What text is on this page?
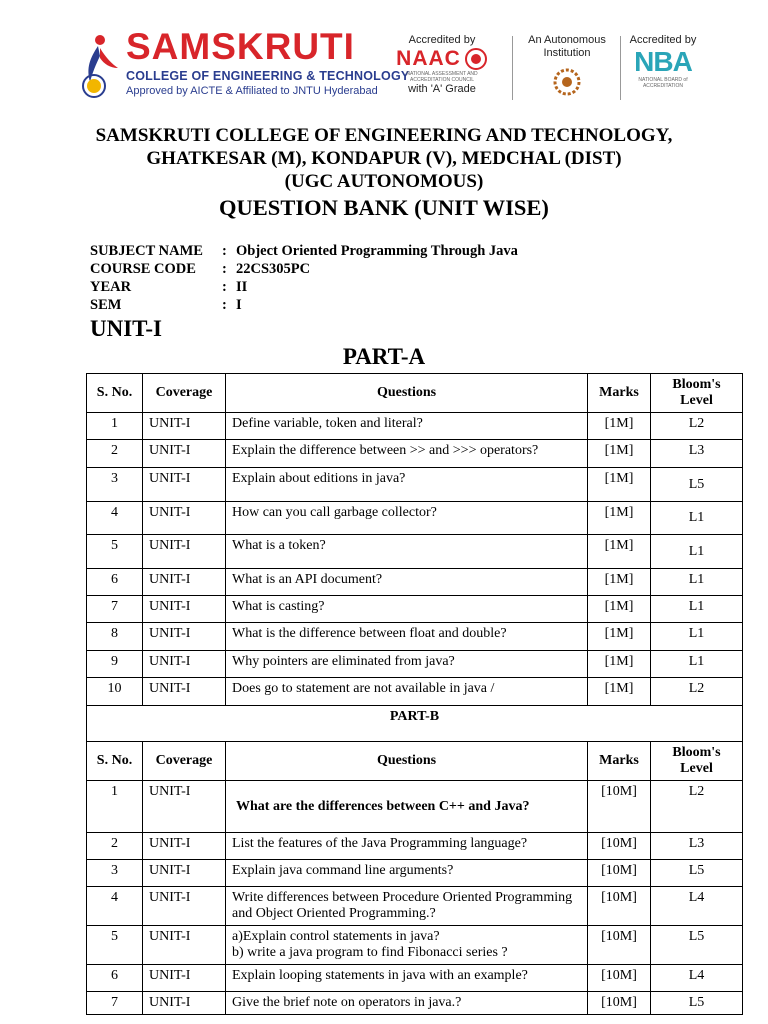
SAMSKRUTI
COLLEGE OF ENGINEERING & TECHNOLOGY
Approved by AICTE & Affiliated to JNTU Hyderabad
Accredited by
NAAC
NATIONAL ASSESSMENT AND ACCREDITATION COUNCIL
with 'A' Grade
An Autonomous
Institution
Accredited by
NBA
NATIONAL BOARD of ACCREDITATION
SAMSKRUTI COLLEGE OF ENGINEERING AND TECHNOLOGY,
GHATKESAR (M), KONDAPUR (V), MEDCHAL (DIST)
(UGC AUTONOMOUS)
QUESTION BANK (UNIT WISE)
SUBJECT NAME	: Object Oriented Programming Through Java
COURSE CODE	: 22CS305PC
YEAR	: II
SEM	: I
UNIT-I
PART-A
S. No.	Coverage	Questions	Marks	Bloom's Level
1	UNIT-I	Define variable, token and literal?	[1M]	L2
2	UNIT-I	Explain the difference between >> and >>> operators?	[1M]	L3
3	UNIT-I	Explain about editions in java?	[1M]	L5
4	UNIT-I	How can you call garbage collector?	[1M]	L1
5	UNIT-I	What is a token?	[1M]	L1
6	UNIT-I	What is an API document?	[1M]	L1
7	UNIT-I	What is casting?	[1M]	L1
8	UNIT-I	What is the difference between float and double?	[1M]	L1
9	UNIT-I	Why pointers are eliminated from java?	[1M]	L1
10	UNIT-I	Does go to statement are not available in java /	[1M]	L2
PART-B				
S. No.	Coverage	Questions	Marks	Bloom's Level
1	UNIT-I	What are the differences between C++ and Java?	[10M]	L2
2	UNIT-I	List the features of the Java Programming language?	[10M]	L3
3	UNIT-I	Explain java command line arguments?	[10M]	L5
4	UNIT-I	Write differences between Procedure Oriented Programming and Object Oriented Programming.?	[10M]	L4
5	UNIT-I	a)Explain control statements in java?
b) write a java program to find Fibonacci series ?	[10M]	L5
6	UNIT-I	Explain looping statements in java with an example?	[10M]	L4
7	UNIT-I	Give the brief note on operators in java.?	[10M]	L5
